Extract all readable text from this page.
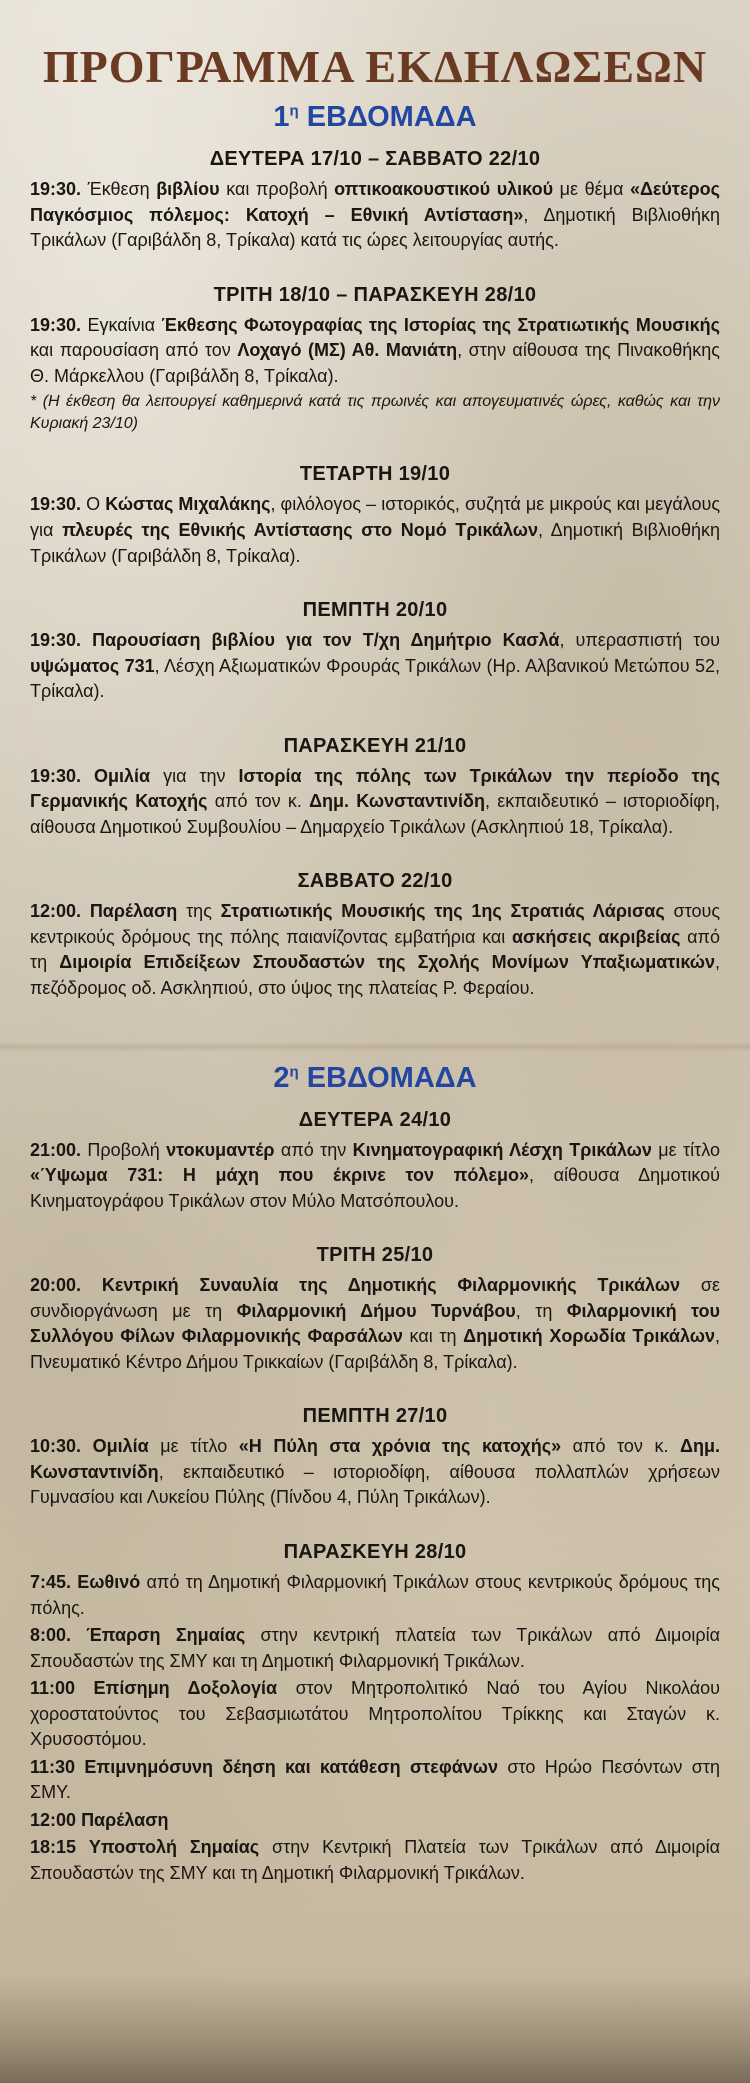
ΠΡΟΓΡΑΜΜΑ ΕΚΔΗΛΩΣΕΩΝ
$1^\eta$ ΕΒΔΟΜΑΔΑ
ΔΕΥΤΕΡΑ 17/10 – ΣΑΒΒΑΤΟ 22/10

19:30. Έκθεση βιβλίου και προβολή οπτικοακουστικού υλικού με θέμα «Δεύτερος Παγκόσμιος πόλεμος: Κατοχή – Εθνική Αντίσταση», Δημοτική Βιβλιοθήκη Τρικάλων (Γαριβάλδη 8, Τρίκαλα) κατά τις ώρες λειτουργίας αυτής.

ΤΡΙΤΗ 18/10 – ΠΑΡΑΣΚΕΥΗ 28/10

19:30. Εγκαίνια Έκθεσης Φωτογραφίας της Ιστορίας της Στρατιωτικής Μουσικής και παρουσίαση από τον Λοχαγό (ΜΣ) Αθ. Μανιάτη, στην αίθουσα της Πινακοθήκης Θ. Μάρκελλου (Γαριβάλδη 8, Τρίκαλα).

* (Η έκθεση θα λειτουργεί καθημερινά κατά τις πρωινές και απογευματινές ώρες, καθώς και την Κυριακή 23/10)

ΤΕΤΑΡΤΗ 19/10

19:30. Ο Κώστας Μιχαλάκης, φιλόλογος – ιστορικός, συζητά με μικρούς και μεγάλους για πλευρές της Εθνικής Αντίστασης στο Νομό Τρικάλων, Δημοτική Βιβλιοθήκη Τρικάλων (Γαριβάλδη 8, Τρίκαλα).

ΠΕΜΠΤΗ 20/10

19:30. Παρουσίαση βιβλίου για τον Τ/χη Δημήτριο Κασλά, υπερασπιστή του υψώματος 731, Λέσχη Αξιωματικών Φρουράς Τρικάλων (Ηρ. Αλβανικού Μετώπου 52, Τρίκαλα).

ΠΑΡΑΣΚΕΥΗ 21/10

19:30. Ομιλία για την Ιστορία της πόλης των Τρικάλων την περίοδο της Γερμανικής Κατοχής από τον κ. Δημ. Κωνσταντινίδη, εκπαιδευτικό – ιστοριοδίφη, αίθουσα Δημοτικού Συμβουλίου – Δημαρχείο Τρικάλων (Ασκληπιού 18, Τρίκαλα).

ΣΑΒΒΑΤΟ 22/10

12:00. Παρέλαση της Στρατιωτικής Μουσικής της 1ης Στρατιάς Λάρισας στους κεντρικούς δρόμους της πόλης παιανίζοντας εμβατήρια και ασκήσεις ακριβείας από τη Διμοιρία Επιδείξεων Σπουδαστών της Σχολής Μονίμων Υπαξιωματικών, πεζόδρομος οδ. Ασκληπιού, στο ύψος της πλατείας Ρ. Φεραίου.

$2^\eta$ ΕΒΔΟΜΑΔΑ
ΔΕΥΤΕΡΑ 24/10

21:00. Προβολή ντοκυμαντέρ από την Κινηματογραφική Λέσχη Τρικάλων με τίτλο «Ύψωμα 731: Η μάχη που έκρινε τον πόλεμο», αίθουσα Δημοτικού Κινηματογράφου Τρικάλων στον Μύλο Ματσόπουλου.

ΤΡΙΤΗ 25/10

20:00. Κεντρική Συναυλία της Δημοτικής Φιλαρμονικής Τρικάλων σε συνδιοργάνωση με τη Φιλαρμονική Δήμου Τυρνάβου, τη Φιλαρμονική του Συλλόγου Φίλων Φιλαρμονικής Φαρσάλων και τη Δημοτική Χορωδία Τρικάλων, Πνευματικό Κέντρο Δήμου Τρικκαίων (Γαριβάλδη 8, Τρίκαλα).

ΠΕΜΠΤΗ 27/10

10:30. Ομιλία με τίτλο «Η Πύλη στα χρόνια της κατοχής» από τον κ. Δημ. Κωνσταντινίδη, εκπαιδευτικό – ιστοριοδίφη, αίθουσα πολλαπλών χρήσεων Γυμνασίου και Λυκείου Πύλης (Πίνδου 4, Πύλη Τρικάλων).

ΠΑΡΑΣΚΕΥΗ 28/10

7:45. Εωθινό από τη Δημοτική Φιλαρμονική Τρικάλων στους κεντρικούς δρόμους της πόλης.

8:00. Έπαρση Σημαίας στην κεντρική πλατεία των Τρικάλων από Διμοιρία Σπουδαστών της ΣΜΥ και τη Δημοτική Φιλαρμονική Τρικάλων.

11:00 Επίσημη Δοξολογία στον Μητροπολιτικό Ναό του Αγίου Νικολάου χοροστατούντος του Σεβασμιωτάτου Μητροπολίτου Τρίκκης και Σταγών κ. Χρυσοστόμου.

11:30 Επιμνημόσυνη δέηση και κατάθεση στεφάνων στο Ηρώο Πεσόντων στη ΣΜΥ.

12:00 Παρέλαση

18:15 Υποστολή Σημαίας στην Κεντρική Πλατεία των Τρικάλων από Διμοιρία Σπουδαστών της ΣΜΥ και τη Δημοτική Φιλαρμονική Τρικάλων.
